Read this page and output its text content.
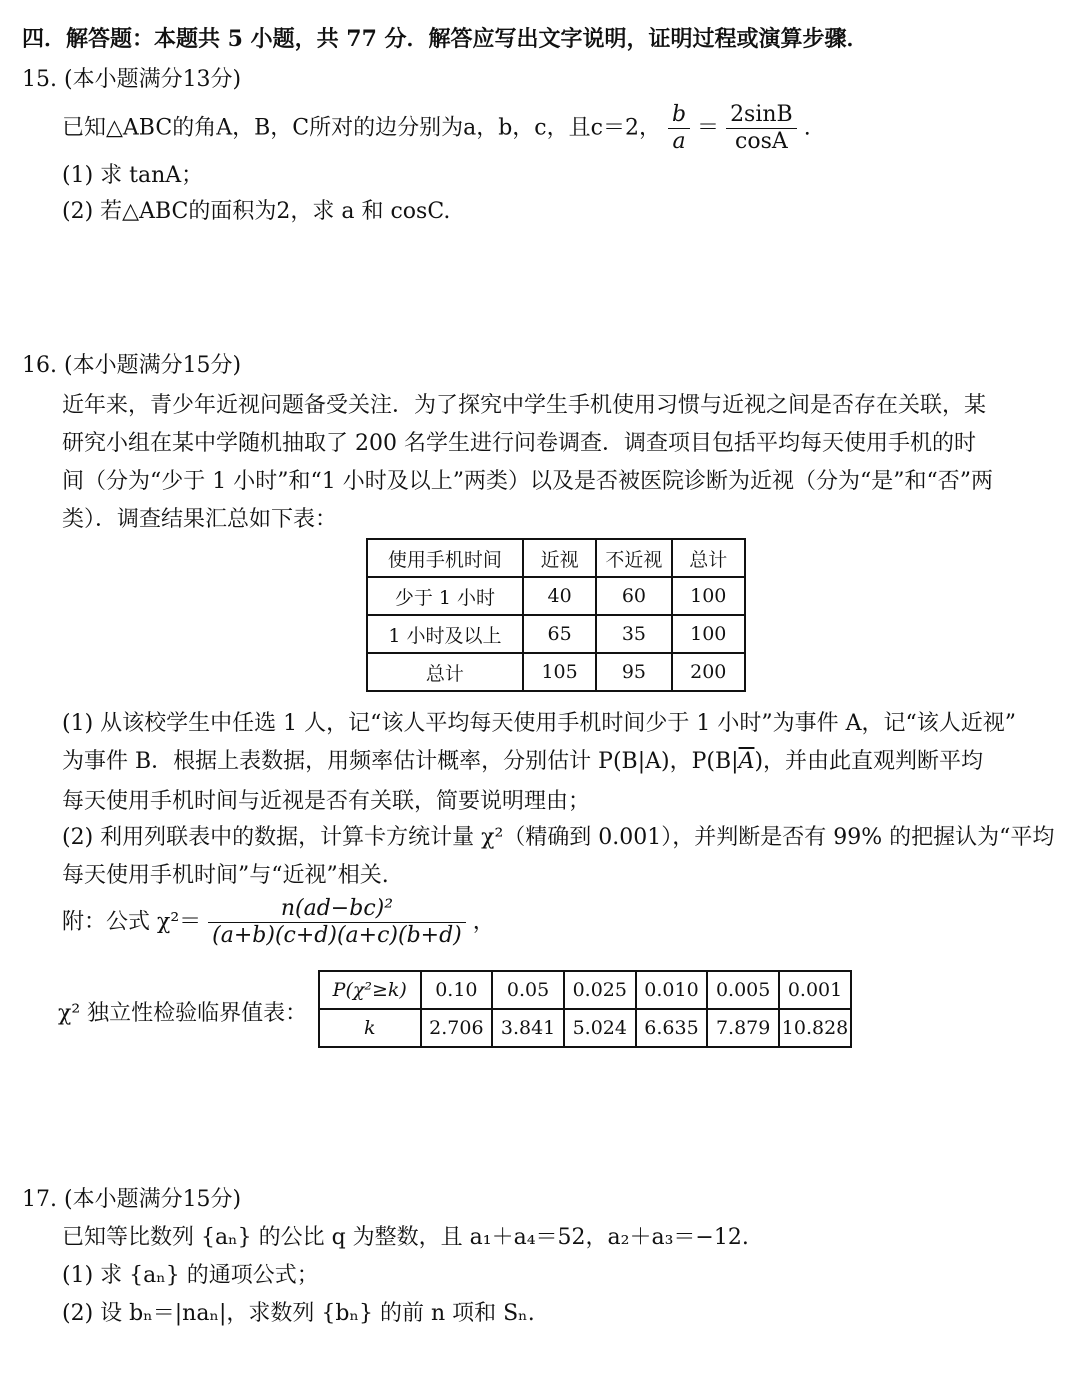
四．解答题：本题共 5 小题，共 77 分．解答应写出文字说明，证明过程或演算步骤．
15. (本小题满分13分)
已知△ABC的角A，B，C所对的边分别为a，b，c，且c＝2， $\frac{b}{a} = \frac{2\sin B}{\cos A}$ .
(1) 求 tanA；
(2) 若△ABC的面积为2，求 a 和 cosC.
16. (本小题满分15分)
近年来，青少年近视问题备受关注．为了探究中学生手机使用习惯与近视之间是否存在关联，某
研究小组在某中学随机抽取了 200 名学生进行问卷调查．调查项目包括平均每天使用手机的时
间（分为“少于 1 小时”和“1 小时及以上”两类）以及是否被医院诊断为近视（分为“是”和“否”两
类）．调查结果汇总如下表：
使用手机时间	近视	不近视	总计
少于 1 小时	40	60	100
1 小时及以上	65	35	100
总计	105	95	200
(1) 从该校学生中任选 1 人，记“该人平均每天使用手机时间少于 1 小时”为事件 A，记“该人近视”
为事件 B．根据上表数据，用频率估计概率，分别估计 P(B|A)，$P(B|\overline{A})$，并由此直观判断平均
每天使用手机时间与近视是否有关联，简要说明理由；
(2) 利用列联表中的数据，计算卡方统计量 χ²（精确到 0.001），并判断是否有 99% 的把握认为“平均
每天使用手机时间”与“近视”相关.
附：公式 $\chi^2= \frac{\text{n(ad−bc)²}}{(a+b)(c+d)(a+c)(b+d)}$ ，
χ² 独立性检验临界值表：
P(χ²≥k)	0.10	0.05	0.025	0.010	0.005	0.001
k	2.706	3.841	5.024	6.635	7.879	10.828
17. (本小题满分15分)
已知等比数列 {aₙ} 的公比 q 为整数，且 a₁＋a₄＝52，a₂＋a₃＝−12.
(1) 求 {aₙ} 的通项公式；
(2) 设 bₙ＝|naₙ|，求数列 {bₙ} 的前 n 项和 Sₙ.
